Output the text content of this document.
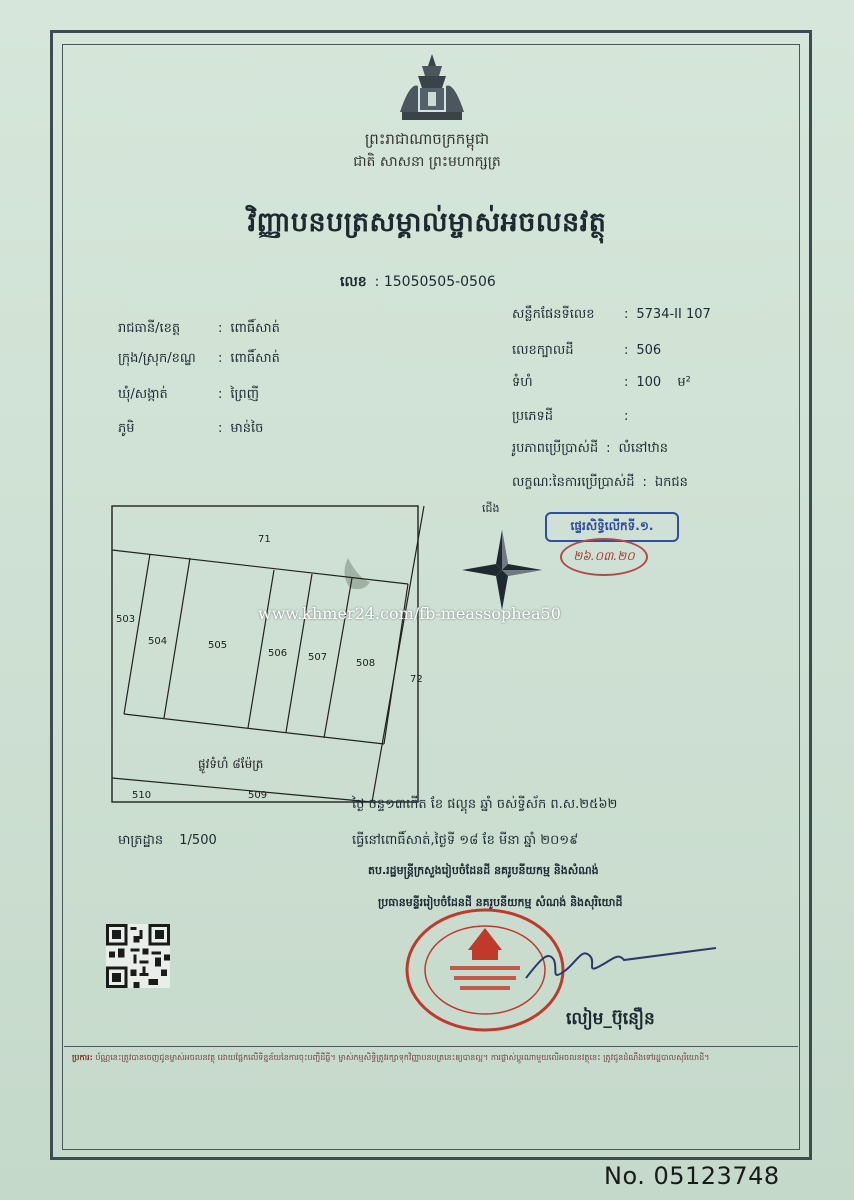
ព្រះរាជាណាចក្រកម្ពុជា
ជាតិ សាសនា ព្រះមហាក្សត្រ
វិញ្ញាបនបត្រសម្គាល់ម្ចាស់អចលនវត្ថុ
លេខ : 15050505-0506
រាជធានី/ខេត្ត	: ពោធិ៍សាត់
ក្រុង/ស្រុក/ខណ្ឌ : ពោធិ៍សាត់
ឃុំ/សង្កាត់	: ព្រៃញី
ភូមិ	: មាន់ចៃ
សន្លឹកផែនទីលេខ : 5734-II 107
លេខក្បាលដី	: 506
ទំហំ	: 100 ម²
ប្រភេទដី	:
រូបភាពប្រើប្រាស់ដី : លំនៅឋាន
លក្ខណៈនៃការប្រើប្រាស់ដី : ឯកជន
71
503
504	505
506 507
508
72
510	509
ផ្លូវទំហំ ៨ម៉ែត្រ
ជើង
ផ្ទេរសិទ្ធិលើកទី.១.
២៦.០៣.២០
www.khmer24.com/fb-meassophea50
មាត្រដ្ឋាន 1/500
ថ្ងៃ ចន្ទ១៣កើត ខែ ផល្គុន ឆ្នាំ ចស់ទ្វីស័ក ព.ស.២៥៦២
ធ្វើនៅពោធិ៍សាត់,ថ្ងៃទី ១៨ ខែ មីនា ឆ្នាំ ២០១៩
តប.រដ្ឋមន្ត្រីក្រសួងរៀបចំដែនដី នគរូបនីយកម្ម និងសំណង់
ប្រធានមន្ទីររៀបចំដែនដី នគរូបនីយកម្ម សំណង់ និងសុរិយោដី
លៀម_ប៊ុនឿន
ប្រការ: ប័ណ្ណនេះត្រូវបានចេញជូនម្ចាស់អចលនវត្ថុ ដោយផ្អែកលើទិន្នន័យនៃការចុះបញ្ជីដីធ្លី។ ម្ចាស់កម្មសិទ្ធិត្រូវរក្សាទុកវិញ្ញាបនបត្រនេះឲ្យបានល្អ។ ការផ្លាស់ប្តូរណាមួយលើអចលនវត្ថុនេះ ត្រូវជូនដំណឹងទៅរដ្ឋបាលសុរិយោដី។
No. 05123748
